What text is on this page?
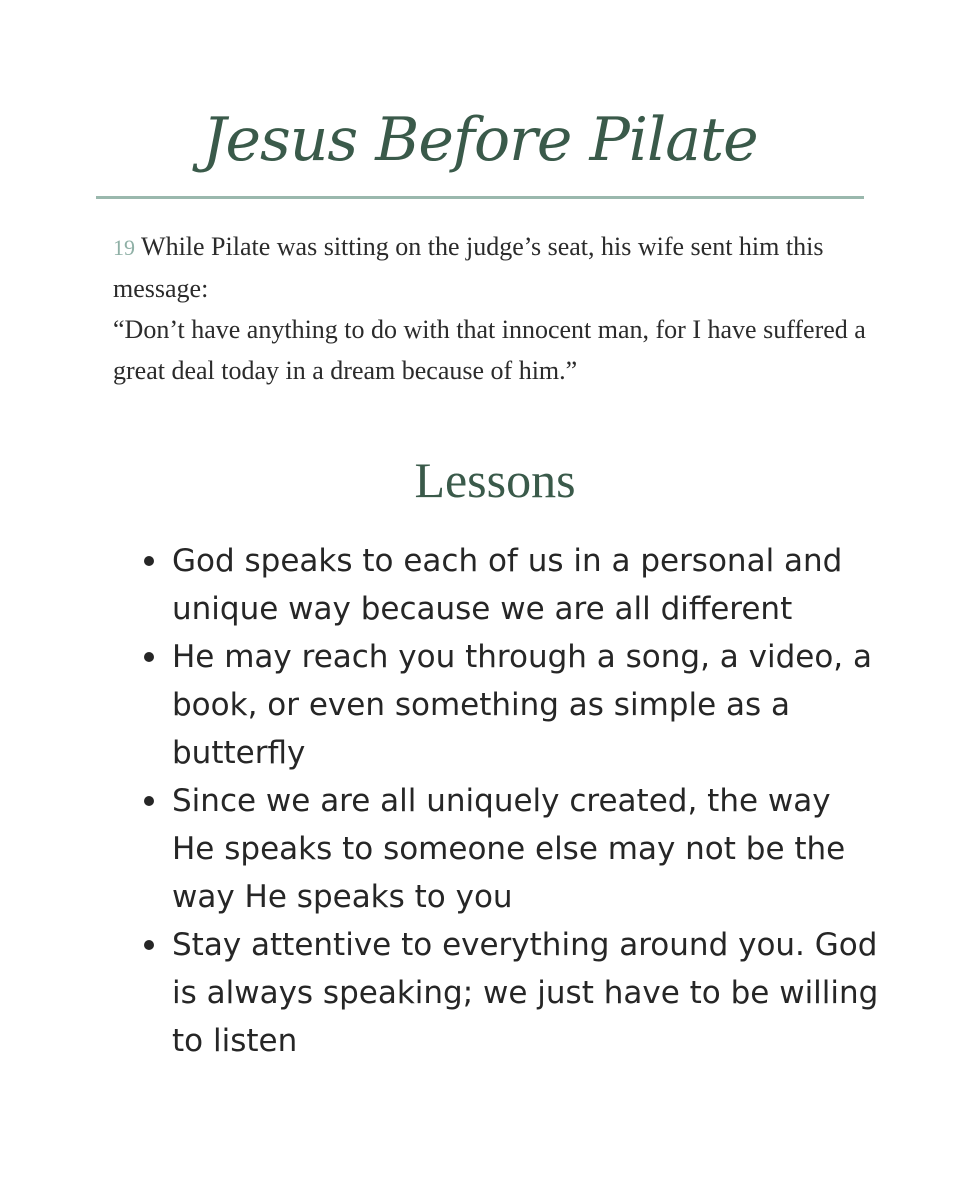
Jesus Before Pilate
19 While Pilate was sitting on the judge’s seat, his wife sent him this message:
“Don’t have anything to do with that innocent man, for I have suffered a great deal today in a dream because of him.”
Lessons
God speaks to each of us in a personal and unique way because we are all different
He may reach you through a song, a video, a book, or even something as simple as a butterfly
Since we are all uniquely created, the way He speaks to someone else may not be the way He speaks to you
Stay attentive to everything around you. God is always speaking; we just have to be willing to listen
